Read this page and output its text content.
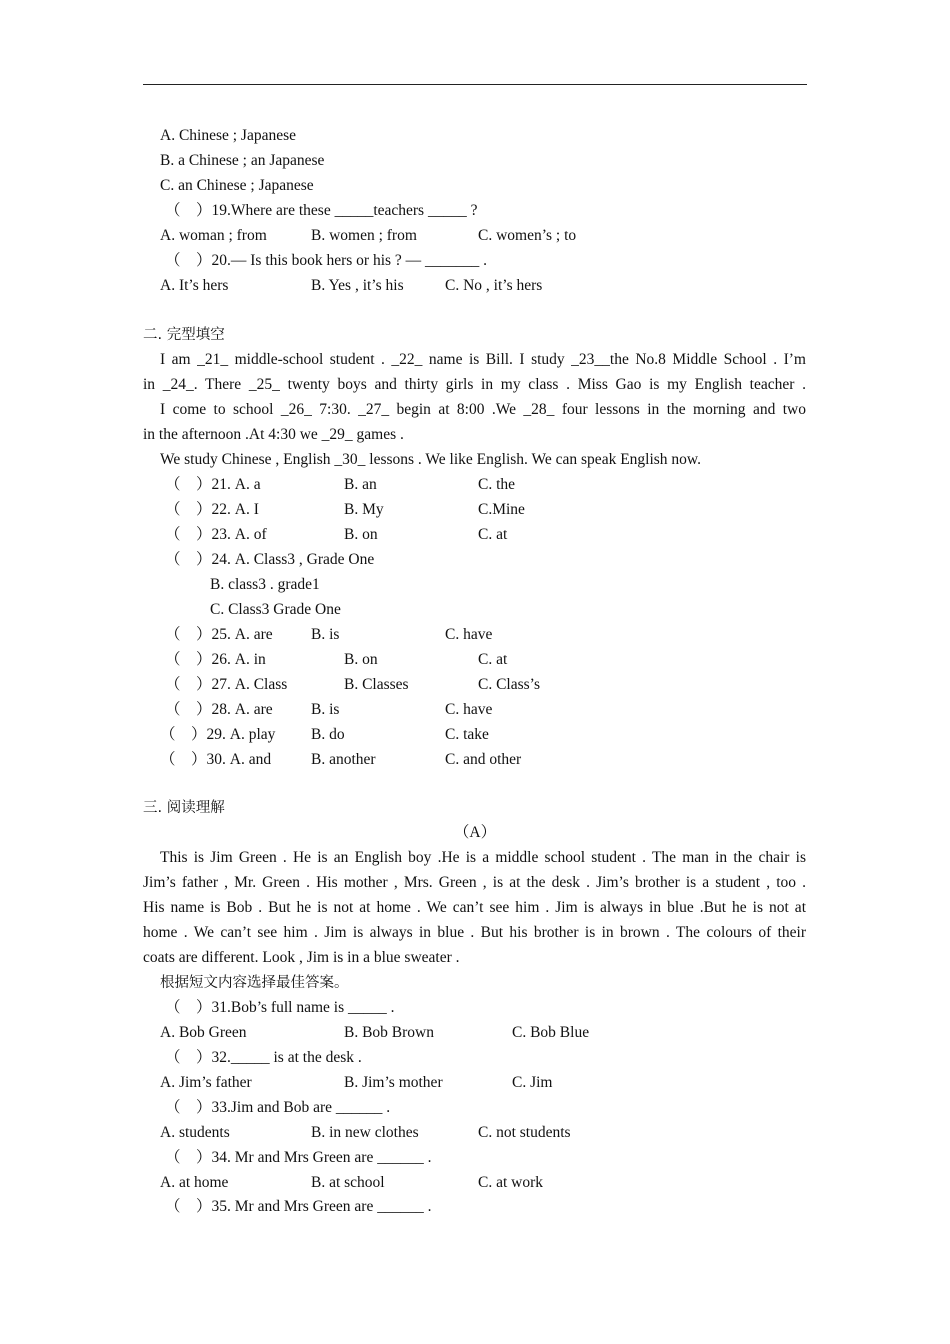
A. Chinese ; Japanese
B. a Chinese ; an Japanese
C. an Chinese ; Japanese
（　）19.Where are these _____teachers _____ ?
A. woman ; from	B. women ; from	C. women’s ; to
（　）20.— Is this book hers or his ? — _______ .
A. It’s hers	B. Yes , it’s his	C. No , it’s hers
二. 完型填空
I am _21_ middle-school student . _22_ name is Bill. I study _23__the No.8 Middle School . I’m
in _24_. There _25_ twenty boys and thirty girls in my class . Miss Gao is my English teacher .
I come to school _26_ 7:30. _27_ begin at 8:00 .We _28_ four lessons in the morning and two
in the afternoon .At 4:30 we _29_ games .
We study Chinese , English _30_ lessons . We like English. We can speak English now.
（　）21. A. a	B. an	C. the
（　）22. A. I	B. My	C.Mine
（　）23. A. of	B. on	C. at
（　）24. A. Class3 , Grade One
B. class3 . grade1
C. Class3 Grade One
（　）25. A. are B. is	C. have
（　）26. A. in	B. on	C. at
（　）27. A. Class	B. Classes	C. Class’s
（　）28. A. are B. is	C. have
（　）29. A. play B. do	C. take
（　）30. A. and	B. another	C. and other
三. 阅读理解
（A）
This is Jim Green . He is an English boy .He is a middle school student . The man in the chair is
Jim’s father , Mr. Green . His mother , Mrs. Green , is at the desk . Jim’s brother is a student , too .
His name is Bob . But he is not at home . We can’t see him . Jim is always in blue .But he is not at
home . We can’t see him . Jim is always in blue . But his brother is in brown . The colours of their
coats are different. Look , Jim is in a blue sweater .
根据短文内容选择最佳答案。
（　）31.Bob’s full name is _____ .
A. Bob Green	B. Bob Brown	C. Bob Blue
（　）32._____ is at the desk .
A. Jim’s father	B. Jim’s mother	C. Jim
（　）33.Jim and Bob are ______ .
A. students	B. in new clothes	C. not students
（　）34. Mr and Mrs Green are ______ .
A. at home	B. at school	C. at work
（　）35. Mr and Mrs Green are ______ .
